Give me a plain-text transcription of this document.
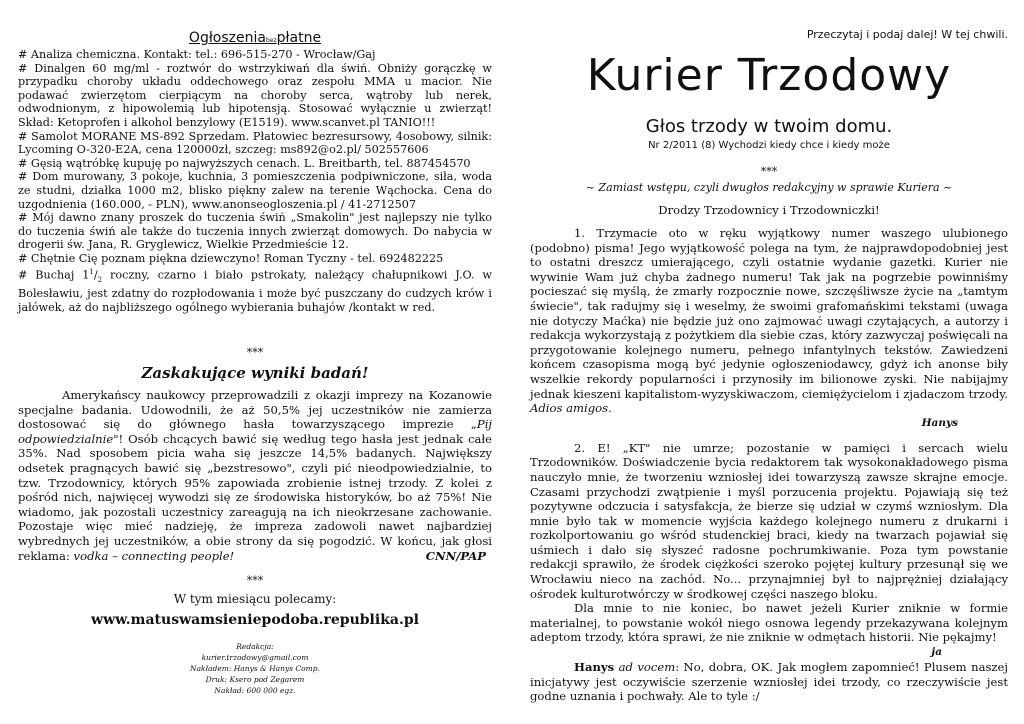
Ogłoszeniabezpłatne

# Analiza chemiczna. Kontakt: tel.: 696-515-270 - Wrocław/Gaj

# Dinalgen 60 mg/ml - roztwór do wstrzykiwań dla świń. Obniży gorączkę w przypadku choroby układu oddechowego oraz zespołu MMA u macior. Nie podawać zwierzętom cierpiącym na choroby serca, wątroby lub nerek, odwodnionym, z hipowolemią lub hipotensją. Stosować wyłącznie u zwierząt! Skład: Ketoprofen i alkohol benzylowy (E1519). www.scanvet.pl TANIO!!!

# Samolot MORANE MS-892 Sprzedam. Płatowiec bezresursowy, 4osobowy, silnik: Lycoming O-320-E2A, cena 120000zł, szczeg: ms892@o2.pl/ 502557606

# Gęsią wątróbkę kupuję po najwyższych cenach. L. Breitbarth, tel. 887454570

# Dom murowany, 3 pokoje, kuchnia, 3 pomieszczenia podpiwniczone, siła, woda ze studni, działka 1000 m2, blisko piękny zalew na terenie Wąchocka. Cena do uzgodnienia (160.000, - PLN), www.anonseogloszenia.pl / 41-2712507

# Mój dawno znany proszek do tuczenia świń „Smakolin" jest najlepszy nie tylko do tuczenia świń ale także do tuczenia innych zwierząt domowych. Do nabycia w drogerii św. Jana, R. Gryglewicz, Wielkie Przedmieście 12.

# Chętnie Cię poznam piękna dziewczyno! Roman Tyczny - tel. 692482225

# Buchaj $1^1/_2$ roczny, czarno i biało pstrokaty, należący chałupnikowi J.O. w Bolesławiu, jest zdatny do rozpłodowania i może być puszczany do cudzych krów i jałówek, aż do najbliższego ogólnego wybierania buhajów /kontakt w red.

***

Zaskakujące wyniki badań!

Amerykańscy naukowcy przeprowadzili z okazji imprezy na Kozanowie specjalne badania. Udowodnili, że aż 50,5% jej uczestników nie zamierza dostosować się do głównego hasła towarzyszącego imprezie „Pij odpowiedzialnie"! Osób chcących bawić się według tego hasła jest jednak całe 35%. Nad sposobem picia waha się jeszcze 14,5% badanych. Największy odsetek pragnących bawić się „bezstresowo", czyli pić nieodpowiedzialnie, to tzw. Trzodownicy, których 95% zapowiada zrobienie istnej trzody. Z kolei z pośród nich, najwięcej wywodzi się ze środowiska historyków, bo aż 75%! Nie wiadomo, jak pozostali uczestnicy zareagują na ich nieokrzesane zachowanie. Pozostaje więc mieć nadzieję, że impreza zadowoli nawet najbardziej wybrednych jej uczestników, a obie strony da się pogodzić. W końcu, jak głosi reklama: vodka – connecting people!	CNN/PAP

***

W tym miesiącu polecamy:
www.matuswamsieniepodoba.republika.pl
Redakcja:
kurier.trzodowy@gmail.com
Nakładem: Hanys & Hanys Comp.
Druk: Ksero pod Zegarem
Nakład: 600 000 egz.
Przeczytaj i podaj dalej! W tej chwili.
Kurier Trzodowy
Głos trzody w twoim domu.
Nr 2/2011 (8) Wychodzi kiedy chce i kiedy może

***

~ Zamiast wstępu, czyli dwugłos redakcyjny w sprawie Kuriera ~
Drodzy Trzodownicy i Trzodowniczki!

1. Trzymacie oto w ręku wyjątkowy numer waszego ulubionego (podobno) pisma! Jego wyjątkowość polega na tym, że najprawdopodobniej jest to ostatni dreszcz umierającego, czyli ostatnie wydanie gazetki. Kurier nie wywinie Wam już chyba żadnego numeru! Tak jak na pogrzebie powinniśmy pocieszać się myślą, że zmarły rozpocznie nowe, szczęśliwsze życie na „tamtym świecie", tak radujmy się i weselmy, że swoimi grafomańskimi tekstami (uwaga nie dotyczy Maćka) nie będzie już ono zajmować uwagi czytających, a autorzy i redakcja wykorzystają z pożytkiem dla siebie czas, który zazwyczaj poświęcali na przygotowanie kolejnego numeru, pełnego infantylnych tekstów. Zawiedzeni końcem czasopisma mogą być jedynie ogłoszeniodawcy, gdyż ich anonse biły wszelkie rekordy popularności i przynosiły im bilionowe zyski. Nie nabijajmy jednak kieszeni kapitalistom-wyzyskiwaczom, ciemiężycielom i zjadaczom trzody. Adios amigos.

Hanys

2. E! „KT" nie umrze; pozostanie w pamięci i sercach wielu Trzodowników. Doświadczenie bycia redaktorem tak wysokonakładowego pisma nauczyło mnie, że tworzeniu wzniosłej idei towarzyszą zawsze skrajne emocje. Czasami przychodzi zwątpienie i myśl porzucenia projektu. Pojawiają się też pozytywne odczucia i satysfakcja, że bierze się udział w czymś wzniosłym. Dla mnie było tak w momencie wyjścia każdego kolejnego numeru z drukarni i rozkolportowaniu go wśród studenckiej braci, kiedy na twarzach pojawiał się uśmiech i dało się słyszeć radosne pochrumkiwanie. Poza tym powstanie redakcji sprawiło, że środek ciężkości szeroko pojętej kultury przesunął się we Wrocławiu nieco na zachód. No... przynajmniej był to najprężniej działający ośrodek kulturotwórczy w środkowej części naszego bloku.

Dla mnie to nie koniec, bo nawet jeżeli Kurier zniknie w formie materialnej, to powstanie wokół niego osnowa legendy przekazywana kolejnym adeptom trzody, która sprawi, że nie zniknie w odmętach historii. Nie pękajmy!

ja

Hanys ad vocem: No, dobra, OK. Jak mogłem zapomnieć! Plusem naszej inicjatywy jest oczywiście szerzenie wzniosłej idei trzody, co rzeczywiście jest godne uznania i pochwały. Ale to tyle :/
